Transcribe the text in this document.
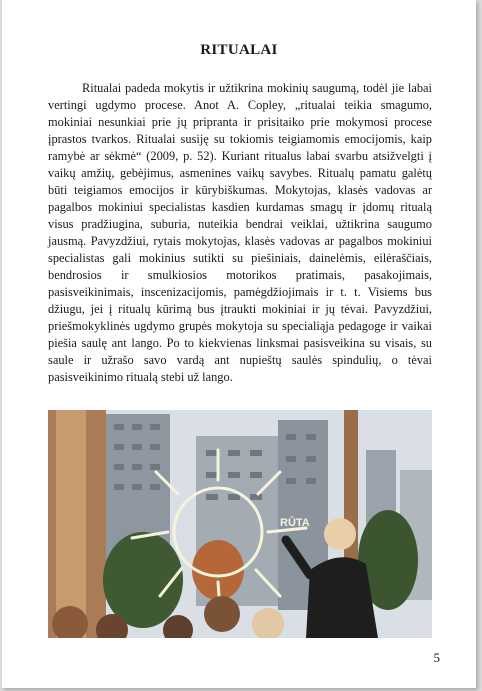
RITUALAI

Ritualai padeda mokytis ir užtikrina mokinių saugumą, todėl jie labai vertingi ugdymo procese. Anot A. Copley, „ritualai teikia smagumo, mokiniai nesunkiai prie jų pripranta ir prisitaiko prie mokymosi procese įprastos tvarkos. Ritualai susiję su tokiomis teigiamomis emocijomis, kaip ramybė ar sėkmė“ (2009, p. 52). Kuriant ritualus labai svarbu atsižvelgti į vaikų amžių, gebėjimus, asmenines vaikų savybes. Ritualų pamatu galėtų būti teigiamos emocijos ir kūrybiškumas. Mokytojas, klasės vadovas ar pagalbos mokiniui specialistas kasdien kurdamas smagų ir įdomų ritualą visus pradžiugina, suburia, nuteikia bendrai veiklai, užtikrina saugumo jausmą. Pavyzdžiui, rytais mokytojas, klasės vadovas ar pagalbos mokiniui specialistas gali mokinius sutikti su piešiniais, dainelėmis, eilėraščiais, bendrosios ir smulkiosios motorikos pratimais, pasakojimais, pasisveikinimais, inscenizacijomis, pamėgdžiojimais ir t. t. Visiems bus džiugu, jei į ritualų kūrimą bus įtraukti mokiniai ir jų tėvai. Pavyzdžiui, priešmokyklinės ugdymo grupės mokytoja su specialiąja pedagoge ir vaikai piešia saulę ant lango. Po to kiekvienas linksmai pasisveikina su visais, su saule ir užrašo savo vardą ant nupieštų saulės spindulių, o tėvai pasisveikinimo ritualą stebi už lango.

RŪTA
5
